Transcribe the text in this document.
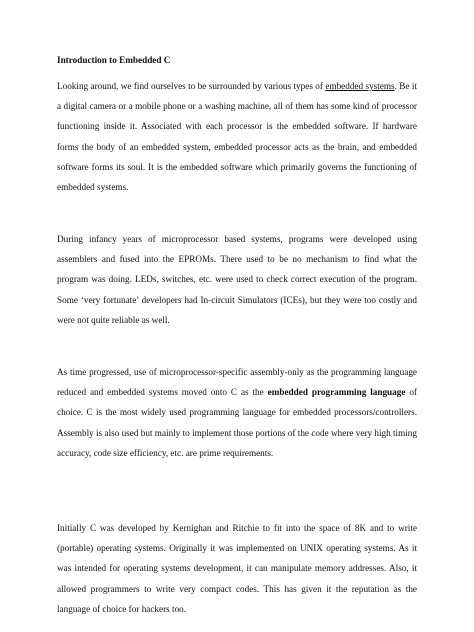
Introduction to Embedded C

Looking around, we find ourselves to be surrounded by various types of embedded systems. Be it a digital camera or a mobile phone or a washing machine, all of them has some kind of processor functioning inside it. Associated with each processor is the embedded software. If hardware forms the body of an embedded system, embedded processor acts as the brain, and embedded software forms its soul. It is the embedded software which primarily governs the functioning of embedded systems.

During infancy years of microprocessor based systems, programs were developed using assemblers and fused into the EPROMs. There used to be no mechanism to find what the program was doing. LEDs, switches, etc. were used to check correct execution of the program. Some ‘very fortunate’ developers had In-circuit Simulators (ICEs), but they were too costly and were not quite reliable as well.

As time progressed, use of microprocessor-specific assembly-only as the programming language reduced and embedded systems moved onto C as the embedded programming language of choice. C is the most widely used programming language for embedded processors/controllers. Assembly is also used but mainly to implement those portions of the code where very high timing accuracy, code size efficiency, etc. are prime requirements.

Initially C was developed by Kernighan and Ritchie to fit into the space of 8K and to write (portable) operating systems. Originally it was implemented on UNIX operating systems. As it was intended for operating systems development, it can manipulate memory addresses. Also, it allowed programmers to write very compact codes. This has given it the reputation as the language of choice for hackers too.
